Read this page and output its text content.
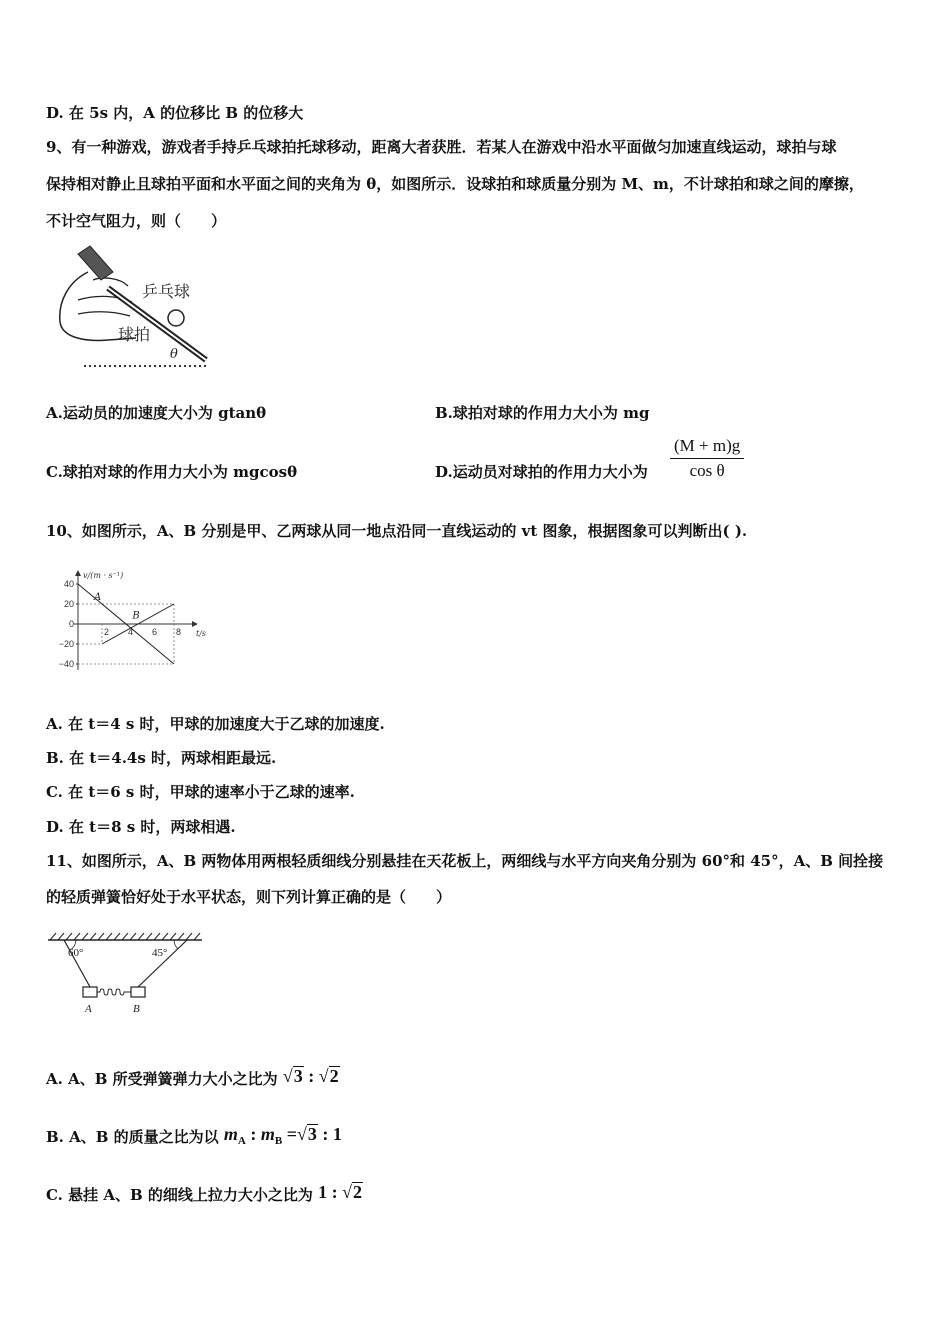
D. 在 5s 内，A 的位移比 B 的位移大
9、有一种游戏，游戏者手持乒乓球拍托球移动，距离大者获胜．若某人在游戏中沿水平面做匀加速直线运动，球拍与球
保持相对静止且球拍平面和水平面之间的夹角为 θ，如图所示．设球拍和球质量分别为 M、m，不计球拍和球之间的摩擦，
不计空气阻力，则（　　）
乒乓球
球拍
θ
A.运动员的加速度大小为 gtanθ	B.球拍对球的作用力大小为 mg
C.球拍对球的作用力大小为 mgcosθ	D.运动员对球拍的作用力大小为 $\frac{(M + m)g}{\text{cos θ}}$
10、如图所示，A、B 分别是甲、乙两球从同一地点沿同一直线运动的 vt 图象，根据图象可以判断出( ).
v/(m · s⁻¹)
t/s
40
20
0
−20
−40
2 4 6 8
A
B
A. 在 t＝4 s 时，甲球的加速度大于乙球的加速度.
B. 在 t＝4.4s 时，两球相距最远.
C. 在 t＝6 s 时，甲球的速率小于乙球的速率.
D. 在 t＝8 s 时，两球相遇.
11、如图所示，A、B 两物体用两根轻质细线分别悬挂在天花板上，两细线与水平方向夹角分别为 60°和 45°，A、B 间拴接
的轻质弹簧恰好处于水平状态，则下列计算正确的是（　　）
60°	45°
A	B
A. A、B 所受弹簧弹力大小之比为 √3 : √2
B. A、B 的质量之比为以 $m_A$ : $m_B =√3$ : 1
C. 悬挂 A、B 的细线上拉力大小之比为 1 : √2
